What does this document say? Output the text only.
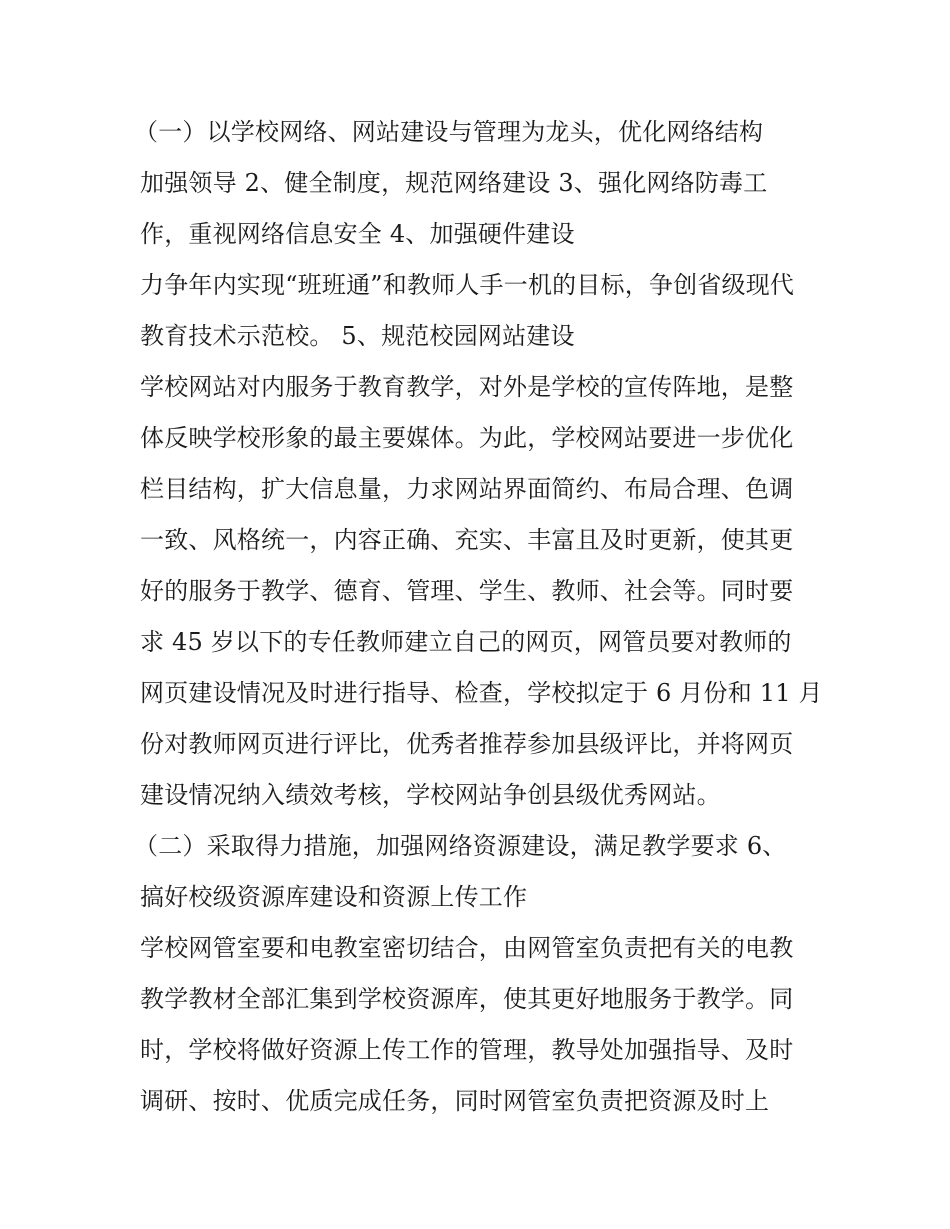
（一）以学校网络、网站建设与管理为龙头，优化网络结构
加强领导 2、健全制度，规范网络建设 3、强化网络防毒工
作，重视网络信息安全 4、加强硬件建设
力争年内实现“班班通”和教师人手一机的目标，争创省级现代
教育技术示范校。 5、规范校园网站建设
学校网站对内服务于教育教学，对外是学校的宣传阵地，是整
体反映学校形象的最主要媒体。为此，学校网站要进一步优化
栏目结构，扩大信息量，力求网站界面简约、布局合理、色调
一致、风格统一，内容正确、充实、丰富且及时更新，使其更
好的服务于教学、德育、管理、学生、教师、社会等。同时要
求 45 岁以下的专任教师建立自己的网页，网管员要对教师的
网页建设情况及时进行指导、检查，学校拟定于 6 月份和 11 月
份对教师网页进行评比，优秀者推荐参加县级评比，并将网页
建设情况纳入绩效考核，学校网站争创县级优秀网站。
（二）采取得力措施，加强网络资源建设，满足教学要求 6、
搞好校级资源库建设和资源上传工作
学校网管室要和电教室密切结合，由网管室负责把有关的电教
教学教材全部汇集到学校资源库，使其更好地服务于教学。同
时，学校将做好资源上传工作的管理，教导处加强指导、及时
调研、按时、优质完成任务，同时网管室负责把资源及时上
